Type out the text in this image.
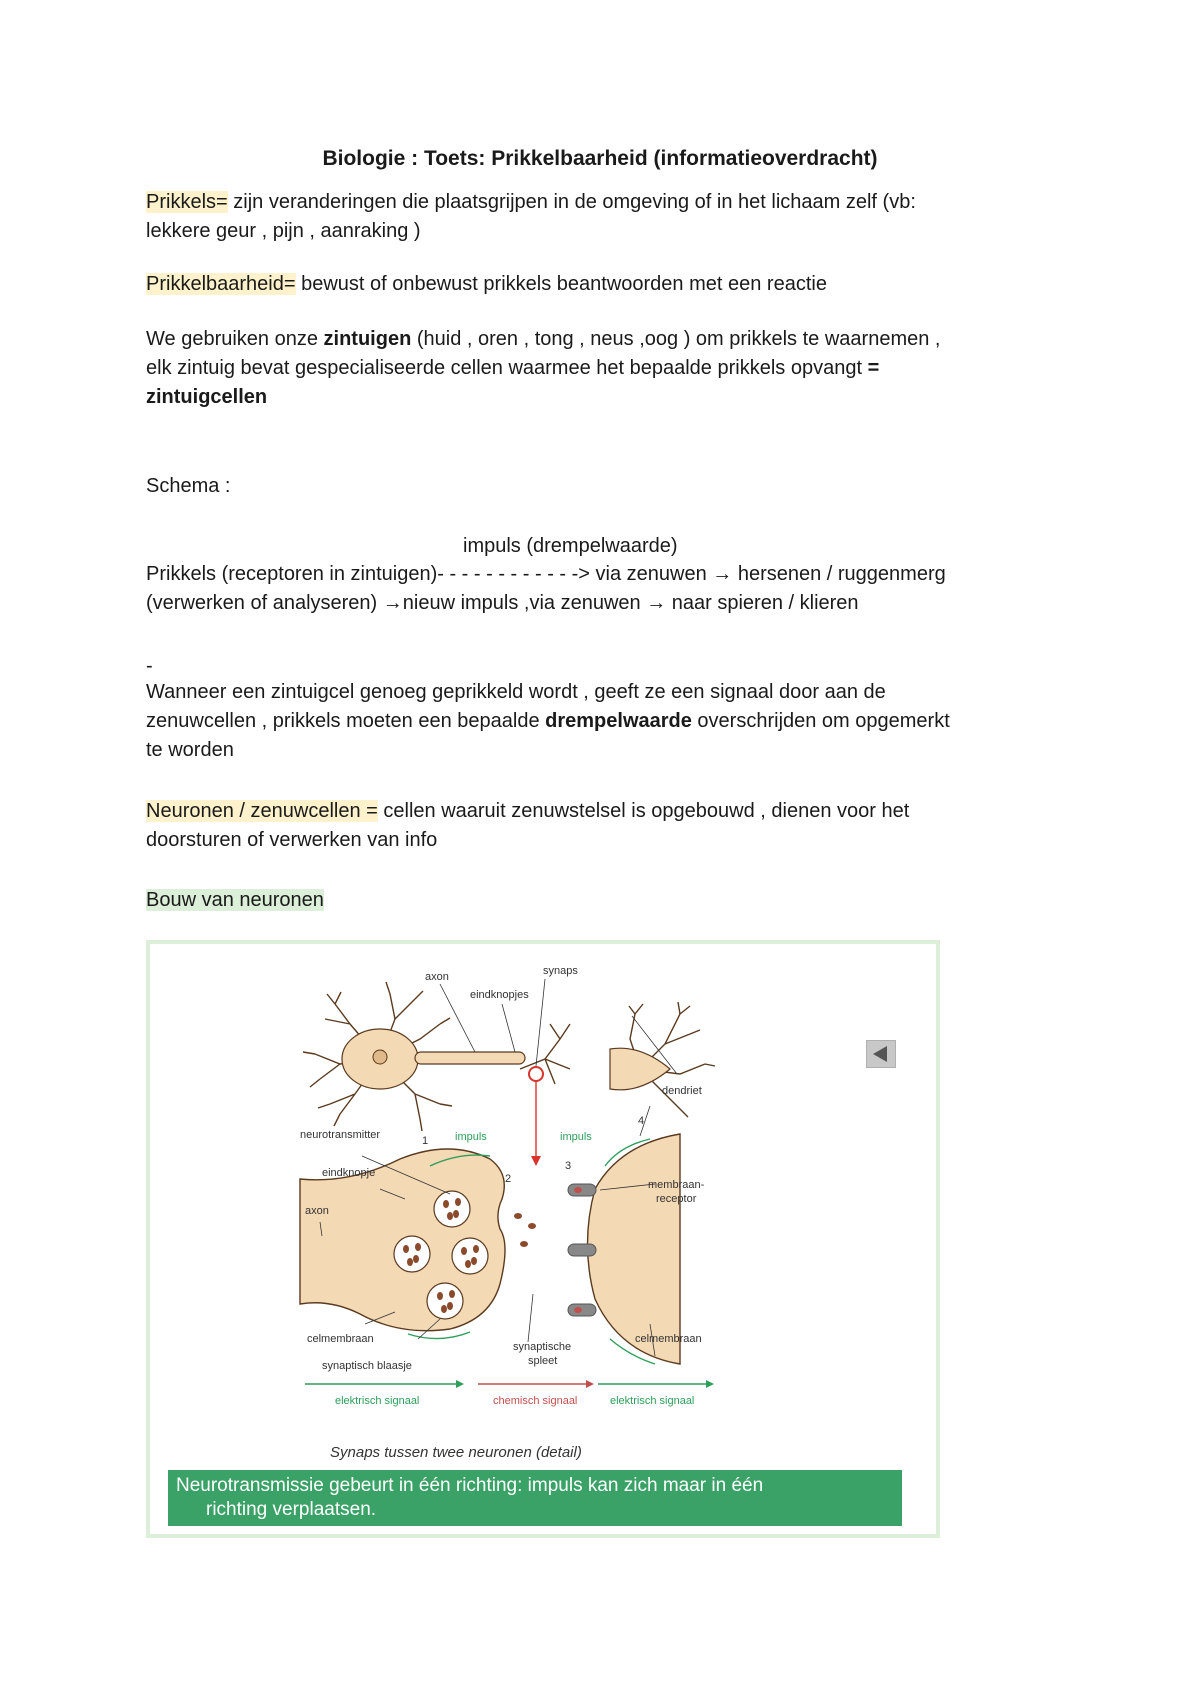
Biologie : Toets: Prikkelbaarheid (informatieoverdracht)
Prikkels= zijn veranderingen die plaatsgrijpen in de omgeving of in het lichaam zelf (vb:
lekkere geur , pijn , aanraking )
Prikkelbaarheid= bewust of onbewust prikkels beantwoorden met een reactie
We gebruiken onze zintuigen (huid , oren , tong , neus ,oog ) om prikkels te waarnemen ,
elk zintuig bevat gespecialiseerde cellen waarmee het bepaalde prikkels opvangt =
zintuigcellen
Schema :
impuls (drempelwaarde)
Prikkels (receptoren in zintuigen)- - - - - - - - - - - -> via zenuwen → hersenen / ruggenmerg
(verwerken of analyseren) →nieuw impuls ,via zenuwen → naar spieren / klieren
-
Wanneer een zintuigcel genoeg geprikkeld wordt , geeft ze een signaal door aan de
zenuwcellen , prikkels moeten een bepaalde drempelwaarde overschrijden om opgemerkt
te worden
Neuronen / zenuwcellen = cellen waaruit zenuwstelsel is opgebouwd , dienen voor het
doorsturen of verwerken van info
Bouw van neuronen
axon
eindknopjes
synaps
dendriet
neurotransmitter	impuls	impuls
1
2
3
4
eindknopje
axon
membraan-
receptor
celmembraan
synaptisch blaasje
synaptische
spleet
celmembraan
elektrisch signaal	chemisch signaal	elektrisch signaal
Synaps tussen twee neuronen (detail)
Neurotransmissie gebeurt in één richting: impuls kan zich maar in één
richting verplaatsen.
